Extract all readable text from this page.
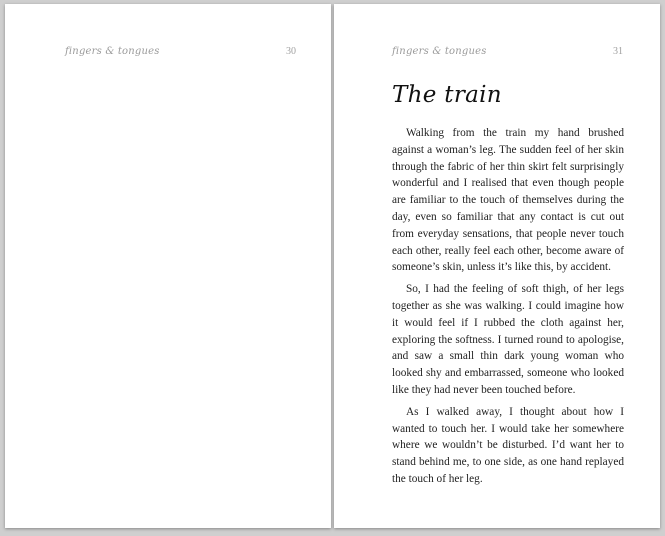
fingers & tongues	30	fingers & tongues	31
The train

Walking from the train my hand brushed against a woman’s leg. The sudden feel of her skin through the fabric of her thin skirt felt surprisingly wonderful and I realised that even though people are familiar to the touch of themselves during the day, even so familiar that any contact is cut out from everyday sensations, that people never touch each other, really feel each other, become aware of someone’s skin, unless it’s like this, by accident.

So, I had the feeling of soft thigh, of her legs together as she was walking. I could imagine how it would feel if I rubbed the cloth against her, exploring the softness. I turned round to apologise, and saw a small thin dark young woman who looked shy and embarrassed, someone who looked like they had never been touched before.

As I walked away, I thought about how I wanted to touch her. I would take her somewhere where we wouldn’t be disturbed. I’d want her to stand behind me, to one side, as one hand replayed the touch of her leg.
